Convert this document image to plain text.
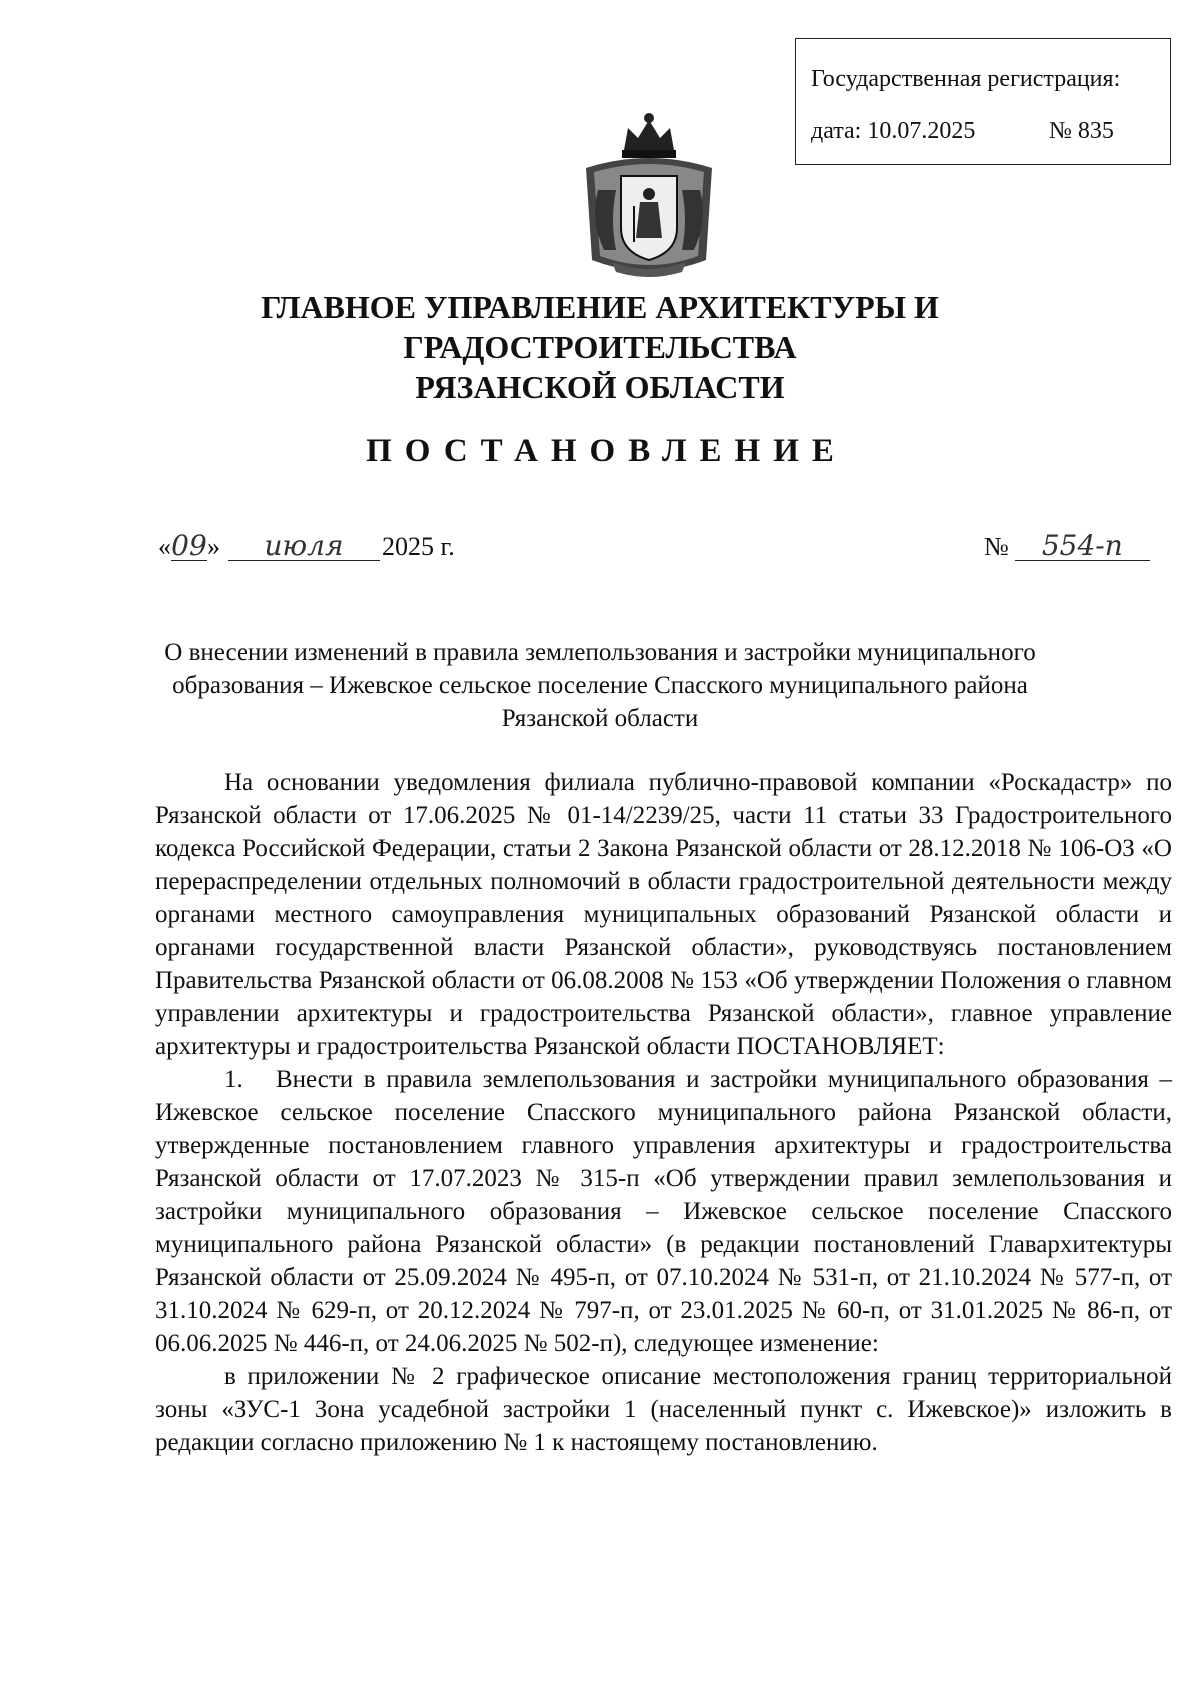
Государственная регистрация:
дата: 10.07.2025	№ 835
ГЛАВНОЕ УПРАВЛЕНИЕ АРХИТЕКТУРЫ И ГРАДОСТРОИТЕЛЬСТВА
РЯЗАНСКОЙ ОБЛАСТИ
ПОСТАНОВЛЕНИЕ
«09» июля 2025 г.	№ 554-п
О внесении изменений в правила землепользования и застройки муниципального
образования – Ижевское сельское поселение Спасского муниципального района
Рязанской области

На основании уведомления филиала публично-правовой компании «Роскадастр» по Рязанской области от 17.06.2025 № 01-14/2239/25, части 11 статьи 33 Градостроительного кодекса Российской Федерации, статьи 2 Закона Рязанской области от 28.12.2018 № 106-ОЗ «О перераспределении отдельных полномочий в области градостроительной деятельности между органами местного самоуправления муниципальных образований Рязанской области и органами государственной власти Рязанской области», руководствуясь постановлением Правительства Рязанской области от 06.08.2008 № 153 «Об утверждении Положения о главном управлении архитектуры и градостроительства Рязанской области», главное управление архитектуры и градостроительства Рязанской области ПОСТАНОВЛЯЕТ:

1. Внести в правила землепользования и застройки муниципального образования – Ижевское сельское поселение Спасского муниципального района Рязанской области, утвержденные постановлением главного управления архитектуры и градостроительства Рязанской области от 17.07.2023 № 315-п «Об утверждении правил землепользования и застройки муниципального образования – Ижевское сельское поселение Спасского муниципального района Рязанской области» (в редакции постановлений Главархитектуры Рязанской области от 25.09.2024 № 495-п, от 07.10.2024 № 531-п, от 21.10.2024 № 577-п, от 31.10.2024 № 629-п, от 20.12.2024 № 797-п, от 23.01.2025 № 60-п, от 31.01.2025 № 86-п, от 06.06.2025 № 446-п, от 24.06.2025 № 502-п), следующее изменение:

в приложении № 2 графическое описание местоположения границ территориальной зоны «ЗУС-1 Зона усадебной застройки 1 (населенный пункт с. Ижевское)» изложить в редакции согласно приложению № 1 к настоящему постановлению.
